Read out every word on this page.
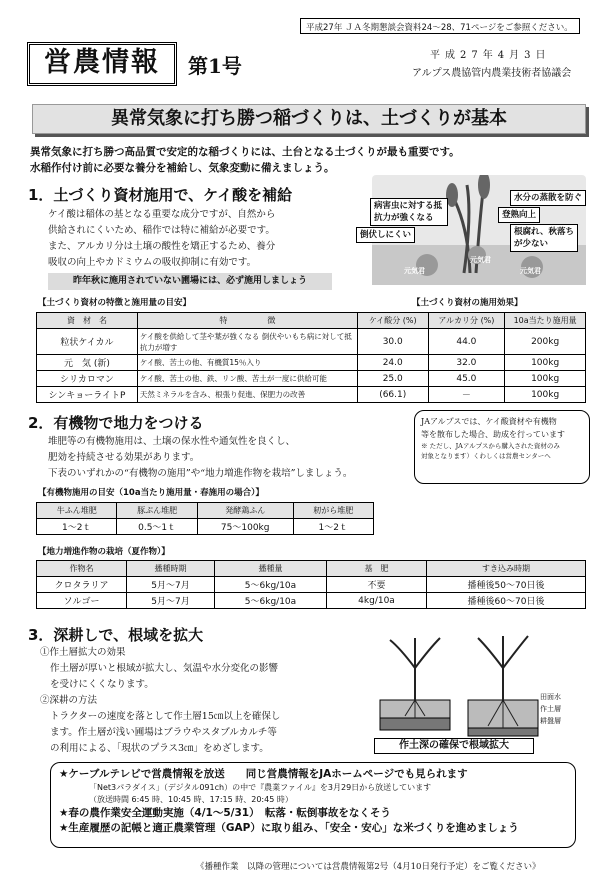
平成27年 ＪＡ冬期懇談会資料24～28、71ページをご参照ください。
営農情報	第1号	平成27年4月3日
アルプス農協管内農業技術者協議会
異常気象に打ち勝つ稲づくりは、土づくりが基本
異常気象に打ち勝つ高品質で安定的な稲づくりには、土台となる土づくりが最も重要です。
水稲作付け前に必要な養分を補給し、気象変動に備えましょう。
1．土づくり資材施用で、ケイ酸を補給
ケイ酸は稲体の基となる重要な成分ですが、自然から
供給されにくいため、稲作では特に補給が必要です。
また、アルカリ分は土壌の酸性を矯正するため、養分
吸収の向上やカドミウムの吸収抑制に有効です。
昨年秋に施用されていない圃場には、必ず施用しましょう
病害虫に対する抵抗力が強くなる
水分の蒸散を防ぐ
登熟向上
倒伏しにくい	根腐れ、秋落ちが少ない
元気君
元気君
元気君
【土づくり資材の特徴と施用量の目安】	【土づくり資材の施用効果】
資　材　名	特　　　　　徴	ケイ酸分 (%)	アルカリ分 (%)	10a当たり施用量
粒状ケイカル	ケイ酸を供給して茎や葉が強くなる 倒伏やいもち病に対して抵抗力が増す	30.0	44.0	200kg
元　気 (新)	ケイ酸、苦土の他、有機質15％入り	24.0	32.0	100kg
シリカロマン	ケイ酸、苦土の他、鉄、リン酸、苦土が一度に供給可能	25.0	45.0	100kg
シンキョーライトP	天然ミネラルを含み、根張り促進、保肥力の改善	(66.1)	－	100kg
JAアルプスでは、ケイ酸資材や有機物
等を散布した場合、助成を行っています
※ ただし、JAアルプスから購入された資材のみ
対象となります）くわしくは営農センターへ
2．有機物で地力をつける
堆肥等の有機物施用は、土壌の保水性や通気性を良くし、
肥効を持続させる効果があります。
下表のいずれかの“有機物の施用”や“地力増進作物を栽培”しましょう。
【有機物施用の目安（10a当たり施用量・春施用の場合）】
牛ふん堆肥	豚ぷん堆肥	発酵鶏ふん	籾がら堆肥
1～2ｔ	0.5～1ｔ	75～100kg	1～2ｔ
【地力増進作物の栽培（夏作物）】
作物名	播種時期	播種量	基　肥	すき込み時期
クロタラリア	5月～7月	5～6kg/10a	不要	播種後50～70日後
ソルゴー	5月～7月	5～6kg/10a	4kg/10a	播種後60～70日後
3．深耕しで、根域を拡大
①作土層拡大の効果
作土層が厚いと根域が拡大し、気温や水分変化の影響
を受けにくくなります。
②深耕の方法
トラクターの速度を落として作土層15㎝以上を確保し
ます。作土層が浅い圃場はブラウやスタブルカルチ等
の利用による、「現状のプラス3㎝」をめざします。
田面水
作土層
耕盤層
作土深の確保で根域拡大
★ケーブルテレビで営農情報を放送　　同じ営農情報をJAホームページでも見られます
「Net3パラダイス」（デジタル091ch）の中で『農業ファイル』を3月29日から放送しています
（放送時間 6:45 時、10:45 時、17:15 時、20:45 時）
★春の農作業安全運動実施（4/1～5/31）　転落・転倒事故をなくそう
★生産履歴の記帳と適正農業管理（GAP）に取り組み、「安全・安心」な米づくりを進めましょう
《播種作業　以降の管理については営農情報第2号（4月10日発行予定）をご覧ください》
